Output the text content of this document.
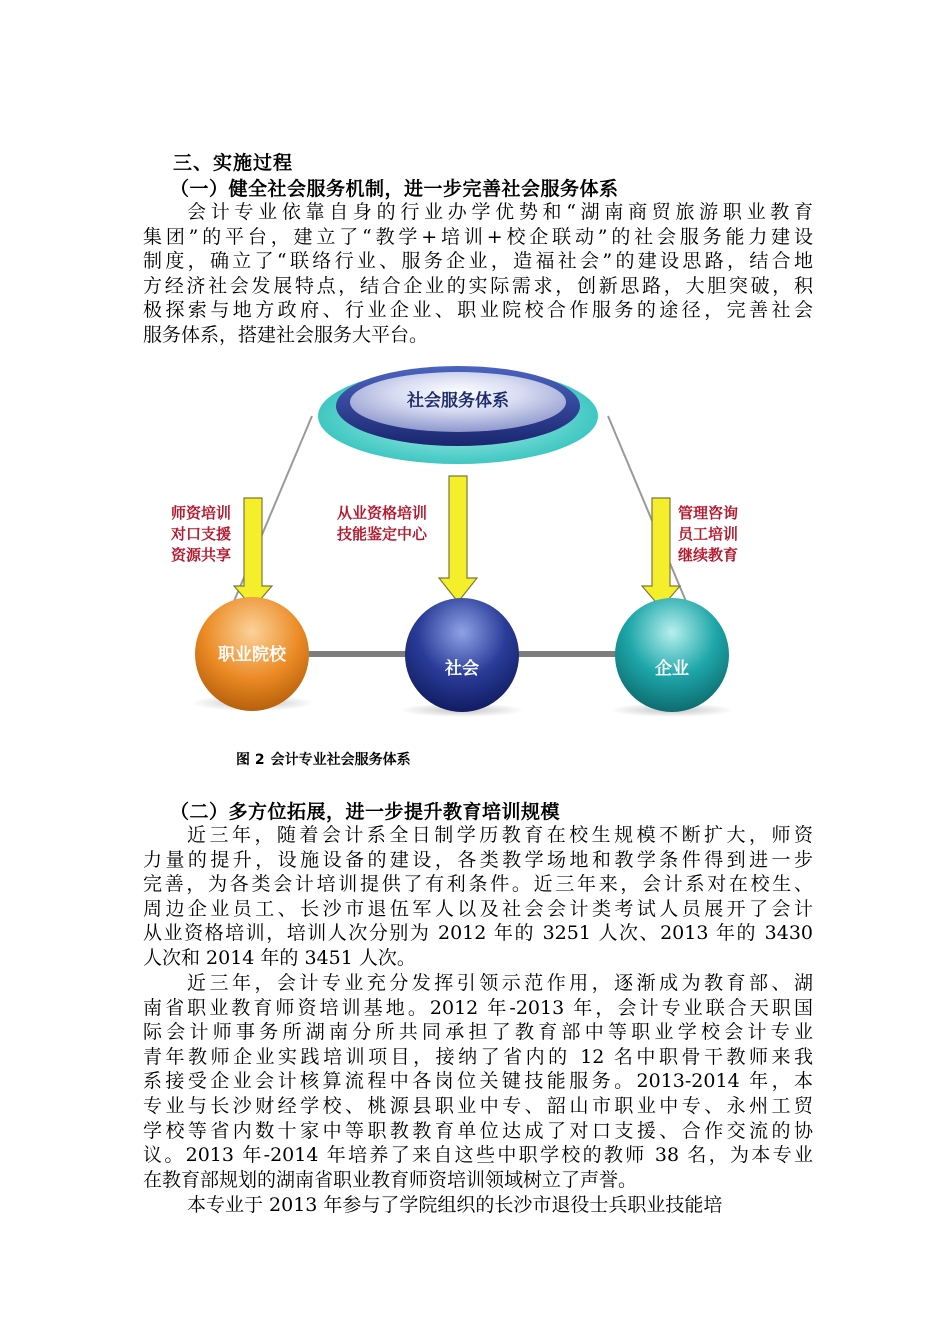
三、实施过程
（一）健全社会服务机制，进一步完善社会服务体系
会计专业依靠自身的行业办学优势和“湖南商贸旅游职业教育
集团”的平台，建立了“教学+培训+校企联动”的社会服务能力建设
制度，确立了“联络行业、服务企业，造福社会”的建设思路，结合地
方经济社会发展特点，结合企业的实际需求，创新思路，大胆突破，积
极探索与地方政府、行业企业、职业院校合作服务的途径，完善社会
服务体系，搭建社会服务大平台。
社会服务体系
师资培训
对口支援
资源共享
从业资格培训
技能鉴定中心
管理咨询
员工培训
继续教育
职业院校
社会	企业
图 2 会计专业社会服务体系
（二）多方位拓展，进一步提升教育培训规模
近三年，随着会计系全日制学历教育在校生规模不断扩大，师资
力量的提升，设施设备的建设，各类教学场地和教学条件得到进一步
完善，为各类会计培训提供了有利条件。近三年来，会计系对在校生、
周边企业员工、长沙市退伍军人以及社会会计类考试人员展开了会计
从业资格培训，培训人次分别为 2012 年的 3251 人次、2013 年的 3430
人次和 2014 年的 3451 人次。
近三年，会计专业充分发挥引领示范作用，逐渐成为教育部、湖
南省职业教育师资培训基地。2012 年-2013 年，会计专业联合天职国
际会计师事务所湖南分所共同承担了教育部中等职业学校会计专业
青年教师企业实践培训项目，接纳了省内的 12 名中职骨干教师来我
系接受企业会计核算流程中各岗位关键技能服务。2013-2014 年，本
专业与长沙财经学校、桃源县职业中专、韶山市职业中专、永州工贸
学校等省内数十家中等职教教育单位达成了对口支援、合作交流的协
议。2013 年-2014 年培养了来自这些中职学校的教师 38 名，为本专业
在教育部规划的湖南省职业教育师资培训领域树立了声誉。
本专业于 2013 年参与了学院组织的长沙市退役士兵职业技能培
